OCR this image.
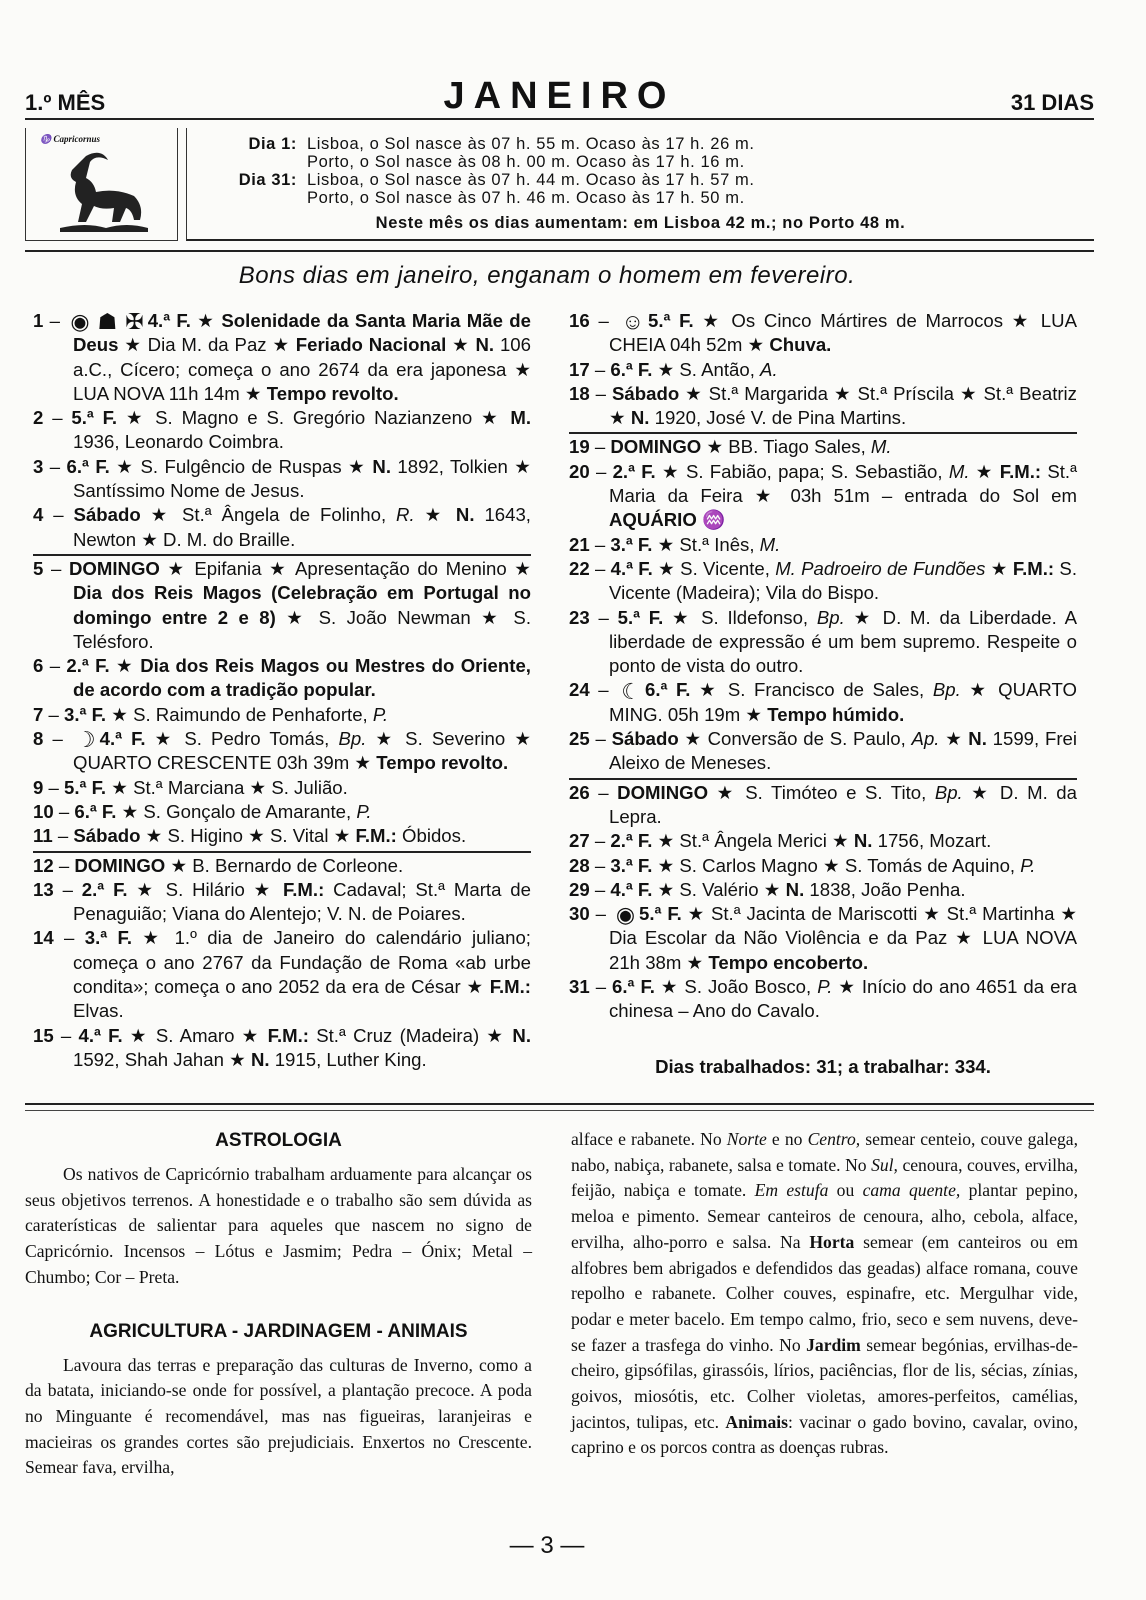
1.º MÊS	JANEIRO	31 DIAS
♑ Capricornus	Dia 1: Lisboa, o Sol nasce às 07 h. 55 m. Ocaso às 17 h. 26 m.
Porto, o Sol nasce às 08 h. 00 m. Ocaso às 17 h. 16 m.
Dia 31: Lisboa, o Sol nasce às 07 h. 44 m. Ocaso às 17 h. 57 m.
Porto, o Sol nasce às 07 h. 46 m. Ocaso às 17 h. 50 m.
Neste mês os dias aumentam: em Lisboa 42 m.; no Porto 48 m.
Bons dias em janeiro, enganam o homem em fevereiro.
1 – ◉ ☗ ✠ 4.ª F. ★ Solenidade da Santa Maria Mãe de Deus ★ Dia M. da Paz ★ Feriado Nacional ★ N. 106 a.C., Cícero; começa o ano 2674 da era japonesa ★ LUA NOVA 11h 14m ★ Tempo revolto.
2 – 5.ª F. ★ S. Magno e S. Gregório Nazianzeno ★ M. 1936, Leonardo Coimbra.
3 – 6.ª F. ★ S. Fulgêncio de Ruspas ★ N. 1892, Tolkien ★ Santíssimo Nome de Jesus.
4 – Sábado ★ St.ª Ângela de Folinho, R. ★ N. 1643, Newton ★ D. M. do Braille.
5 – DOMINGO ★ Epifania ★ Apresentação do Menino ★ Dia dos Reis Magos (Celebração em Portugal no domingo entre 2 e 8) ★ S. João Newman ★ S. Telésforo.
6 – 2.ª F. ★ Dia dos Reis Magos ou Mestres do Oriente, de acordo com a tradição popular.
7 – 3.ª F. ★ S. Raimundo de Penhaforte, P.
8 – ☽ 4.ª F. ★ S. Pedro Tomás, Bp. ★ S. Severino ★ QUARTO CRESCENTE 03h 39m ★ Tempo revolto.
9 – 5.ª F. ★ St.ª Marciana ★ S. Julião.
10 – 6.ª F. ★ S. Gonçalo de Amarante, P.
11 – Sábado ★ S. Higino ★ S. Vital ★ F.M.: Óbidos.
12 – DOMINGO ★ B. Bernardo de Corleone.
13 – 2.ª F. ★ S. Hilário ★ F.M.: Cadaval; St.ª Marta de Penaguião; Viana do Alentejo; V. N. de Poiares.
14 – 3.ª F. ★ 1.º dia de Janeiro do calendário juliano; começa o ano 2767 da Fundação de Roma «ab urbe condita»; começa o ano 2052 da era de César ★ F.M.: Elvas.
15 – 4.ª F. ★ S. Amaro ★ F.M.: St.ª Cruz (Madeira) ★ N. 1592, Shah Jahan ★ N. 1915, Luther King.
16 – ☺ 5.ª F. ★ Os Cinco Mártires de Marrocos ★ LUA CHEIA 04h 52m ★ Chuva.
17 – 6.ª F. ★ S. Antão, A.
18 – Sábado ★ St.ª Margarida ★ St.ª Príscila ★ St.ª Beatriz ★ N. 1920, José V. de Pina Martins.
19 – DOMINGO ★ BB. Tiago Sales, M.
20 – 2.ª F. ★ S. Fabião, papa; S. Sebastião, M. ★ F.M.: St.ª Maria da Feira ★ 03h 51m – entrada do Sol em AQUÁRIO ♒
21 – 3.ª F. ★ St.ª Inês, M.
22 – 4.ª F. ★ S. Vicente, M. Padroeiro de Fundões ★ F.M.: S. Vicente (Madeira); Vila do Bispo.
23 – 5.ª F. ★ S. Ildefonso, Bp. ★ D. M. da Liberdade. A liberdade de expressão é um bem supremo. Respeite o ponto de vista do outro.
24 – ☾ 6.ª F. ★ S. Francisco de Sales, Bp. ★ QUARTO MING. 05h 19m ★ Tempo húmido.
25 – Sábado ★ Conversão de S. Paulo, Ap. ★ N. 1599, Frei Aleixo de Meneses.
26 – DOMINGO ★ S. Timóteo e S. Tito, Bp. ★ D. M. da Lepra.
27 – 2.ª F. ★ St.ª Ângela Merici ★ N. 1756, Mozart.
28 – 3.ª F. ★ S. Carlos Magno ★ S. Tomás de Aquino, P.
29 – 4.ª F. ★ S. Valério ★ N. 1838, João Penha.
30 – ◉ 5.ª F. ★ St.ª Jacinta de Mariscotti ★ St.ª Martinha ★ Dia Escolar da Não Violência e da Paz ★ LUA NOVA 21h 38m ★ Tempo encoberto.
31 – 6.ª F. ★ S. João Bosco, P. ★ Início do ano 4651 da era chinesa – Ano do Cavalo.
Dias trabalhados: 31; a trabalhar: 334.
ASTROLOGIA

Os nativos de Capricórnio trabalham arduamente para alcançar os seus objetivos terrenos. A honestidade e o trabalho são sem dúvida as caraterísticas de salientar para aqueles que nascem no signo de Capricórnio. Incensos – Lótus e Jasmim; Pedra – Ónix; Metal – Chumbo; Cor – Preta.

AGRICULTURA - JARDINAGEM - ANIMAIS

Lavoura das terras e preparação das culturas de Inverno, como a da batata, iniciando-se onde for possível, a plantação precoce. A poda no Minguante é recomendável, mas nas figueiras, laranjeiras e macieiras os grandes cortes são prejudiciais. Enxertos no Crescente. Semear fava, ervilha,

alface e rabanete. No Norte e no Centro, semear centeio, couve galega, nabo, nabiça, rabanete, salsa e tomate. No Sul, cenoura, couves, ervilha, feijão, nabiça e tomate. Em estufa ou cama quente, plantar pepino, meloa e pimento. Semear canteiros de cenoura, alho, cebola, alface, ervilha, alho-porro e salsa. Na Horta semear (em canteiros ou em alfobres bem abrigados e defendidos das geadas) alface romana, couve repolho e rabanete. Colher couves, espinafre, etc. Mergulhar vide, podar e meter bacelo. Em tempo calmo, frio, seco e sem nuvens, deve-se fazer a trasfega do vinho. No Jardim semear begónias, ervilhas-de-cheiro, gipsófilas, girassóis, lírios, paciências, flor de lis, sécias, zínias, goivos, miosótis, etc. Colher violetas, amores-perfeitos, camélias, jacintos, tulipas, etc. Animais: vacinar o gado bovino, cavalar, ovino, caprino e os porcos contra as doenças rubras.

— 3 —
